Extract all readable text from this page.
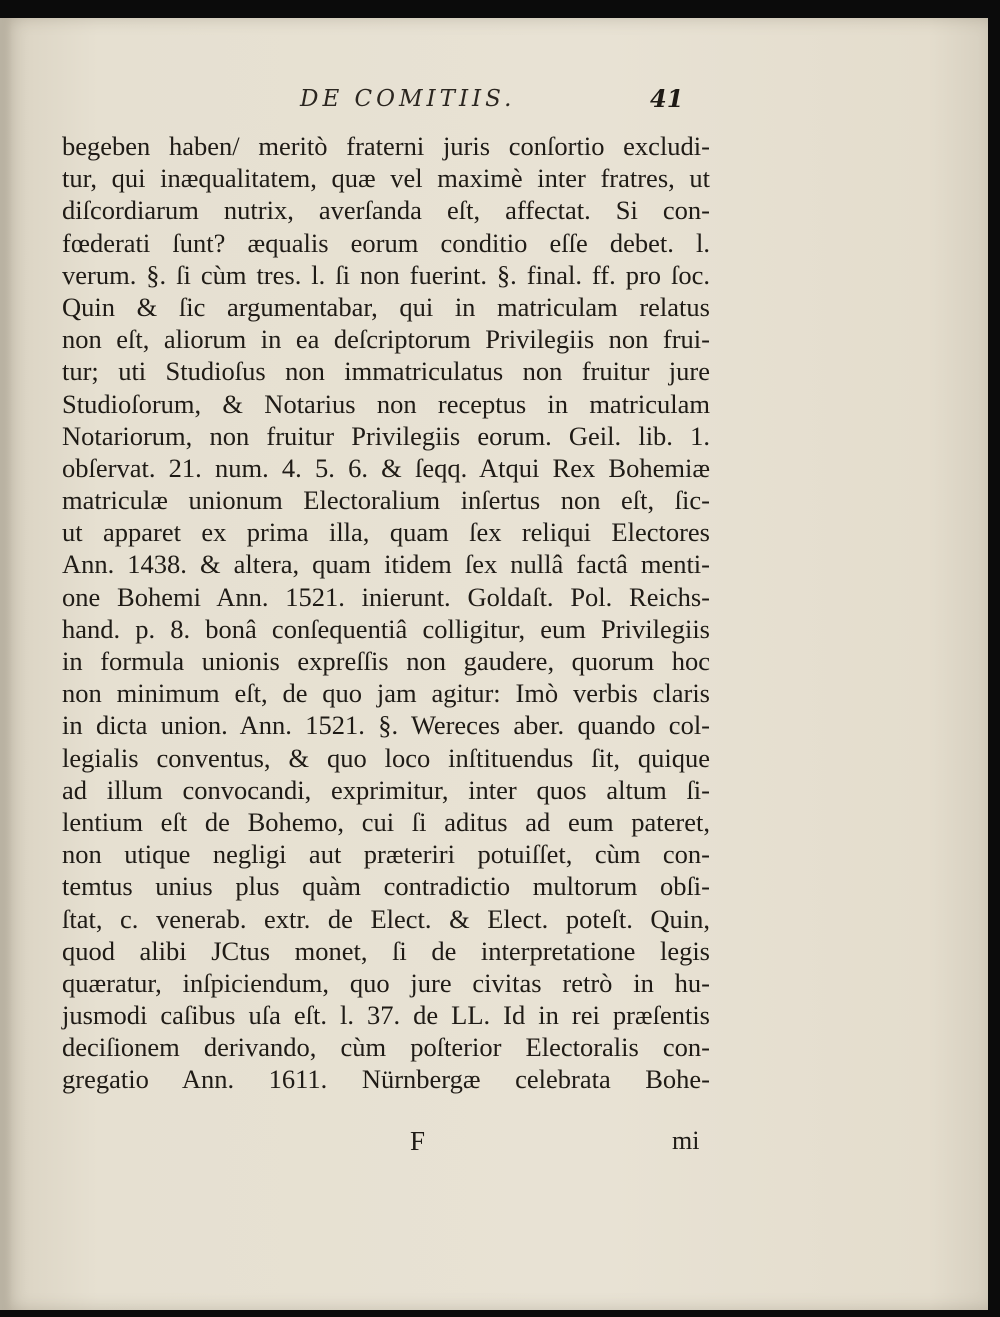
DE COMITIIS.	41
begeben haben/ meritò fraterni juris conſortio excludi-
tur, qui inæqualitatem, quæ vel maximè inter fratres, ut
diſcordiarum nutrix, averſanda eſt, affectat. Si con-
fœderati ſunt? æqualis eorum conditio eſſe debet. l.
verum. §. ſi cùm tres. l. ſi non fuerint. §. final. ff. pro ſoc.
Quin & ſic argumentabar, qui in matriculam relatus
non eſt, aliorum in ea deſcriptorum Privilegiis non frui-
tur; uti Studioſus non immatriculatus non fruitur jure
Studioſorum, & Notarius non receptus in matriculam
Notariorum, non fruitur Privilegiis eorum. Geil. lib. 1.
obſervat. 21. num. 4. 5. 6. & ſeqq. Atqui Rex Bohemiæ
matriculæ unionum Electoralium inſertus non eſt, ſic-
ut apparet ex prima illa, quam ſex reliqui Electores
Ann. 1438. & altera, quam itidem ſex nullâ factâ menti-
one Bohemi Ann. 1521. inierunt. Goldaſt. Pol. Reichs-
hand. p. 8. bonâ conſequentiâ colligitur, eum Privilegiis
in formula unionis expreſſis non gaudere, quorum hoc
non minimum eſt, de quo jam agitur: Imò verbis claris
in dicta union. Ann. 1521. §. Wereces aber. quando col-
legialis conventus, & quo loco inſtituendus ſit, quique
ad illum convocandi, exprimitur, inter quos altum ſi-
lentium eſt de Bohemo, cui ſi aditus ad eum pateret,
non utique negligi aut præteriri potuiſſet, cùm con-
temtus unius plus quàm contradictio multorum obſi-
ſtat, c. venerab. extr. de Elect. & Elect. poteſt. Quin,
quod alibi JCtus monet, ſi de interpretatione legis
quæratur, inſpiciendum, quo jure civitas retrò in hu-
jusmodi caſibus uſa eſt. l. 37. de LL. Id in rei præſentis
deciſionem derivando, cùm poſterior Electoralis con-
gregatio Ann. 1611. Nürnbergæ celebrata Bohe-
F	mi
